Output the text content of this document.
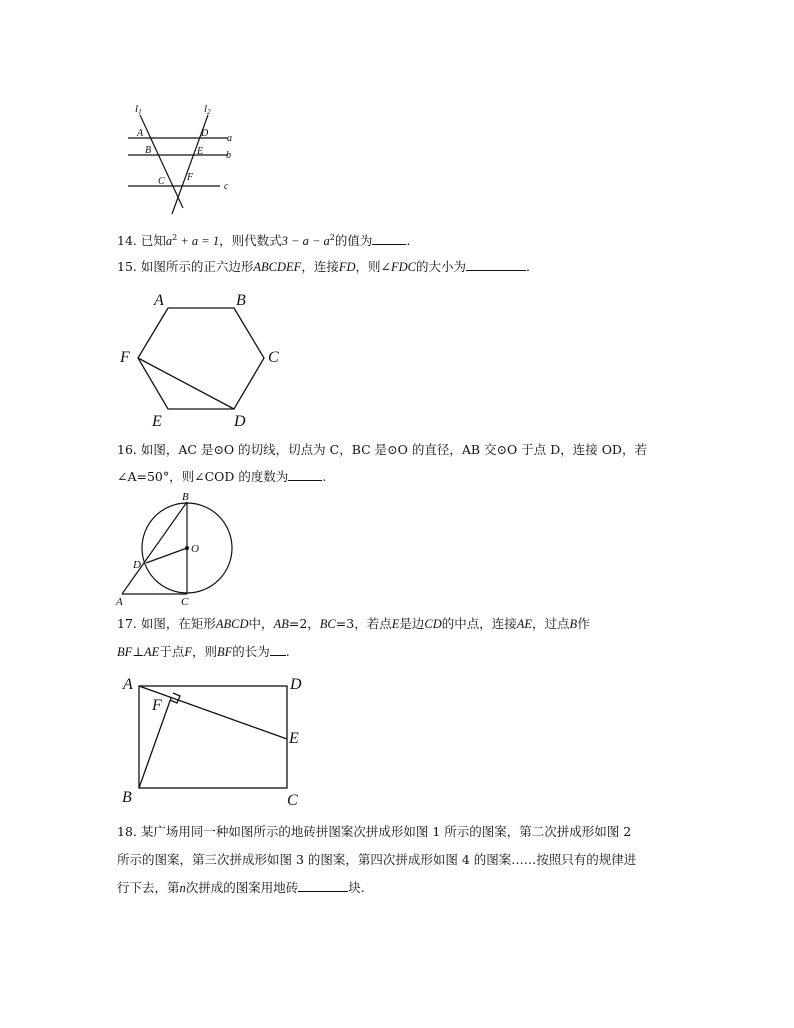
l1	l2
A	D a
B	E b
C F
c
14. 已知$a^2 + a = 1$，则代数式$3 - a - a^2$的值为	.
15. 如图所示的正六边形ABCDEF，连接FD，则∠FDC的大小为	.
A	B
C
D
E
F
16. 如图，AC 是⊙O 的切线，切点为 C，BC 是⊙O 的直径，AB 交⊙O 于点 D，连接 OD，若
∠A=50°，则∠COD 的度数为	.
B
O
D
A	C
17. 如图，在矩形ABCD中，AB=2，BC=3，若点E是边CD的中点，连接AE，过点B作
BF⊥AE于点F，则BF的长为 .
A	D
F
E
B	C
18. 某广场用同一种如图所示的地砖拼图案次拼成形如图 1 所示的图案，第二次拼成形如图 2
所示的图案，第三次拼成形如图 3 的图案，第四次拼成形如图 4 的图案……按照只有的规律进
行下去，第n次拼成的图案用地砖	块.
